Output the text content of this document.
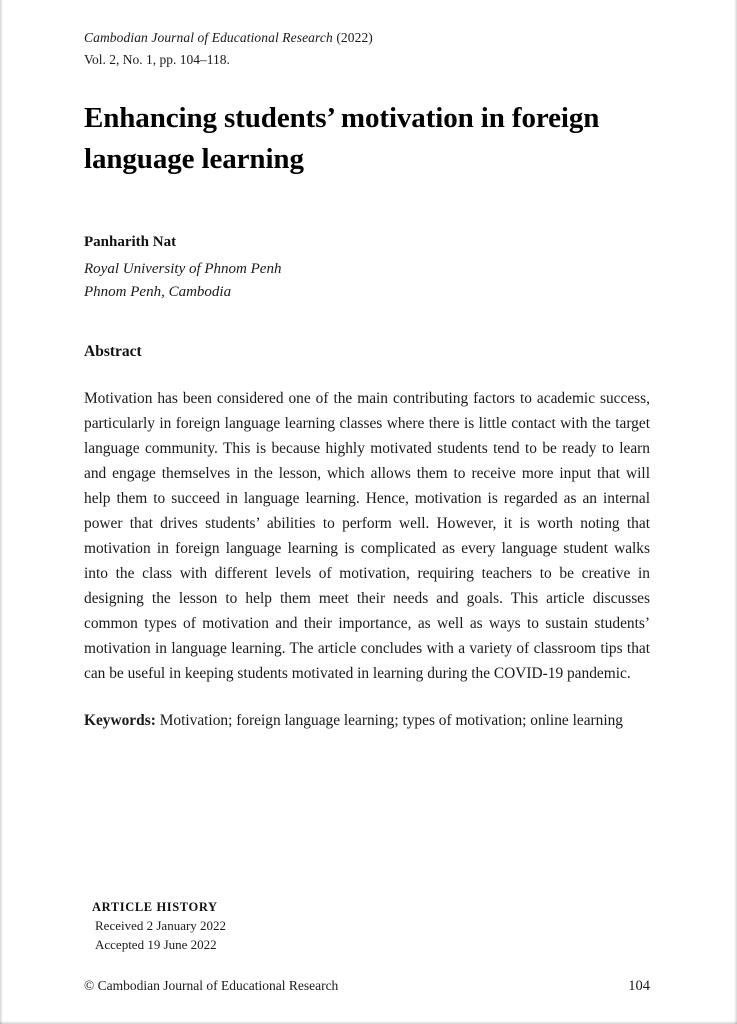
Cambodian Journal of Educational Research (2022)
Vol. 2, No. 1, pp. 104–118.
Enhancing students’ motivation in foreign language learning
Panharith Nat
Royal University of Phnom Penh
Phnom Penh, Cambodia
Abstract
Motivation has been considered one of the main contributing factors to academic success, particularly in foreign language learning classes where there is little contact with the target language community. This is because highly motivated students tend to be ready to learn and engage themselves in the lesson, which allows them to receive more input that will help them to succeed in language learning. Hence, motivation is regarded as an internal power that drives students’ abilities to perform well. However, it is worth noting that motivation in foreign language learning is complicated as every language student walks into the class with different levels of motivation, requiring teachers to be creative in designing the lesson to help them meet their needs and goals. This article discusses common types of motivation and their importance, as well as ways to sustain students’ motivation in language learning. The article concludes with a variety of classroom tips that can be useful in keeping students motivated in learning during the COVID-19 pandemic.
Keywords: Motivation; foreign language learning; types of motivation; online learning
ARTICLE HISTORY
Received 2 January 2022
Accepted 19 June 2022
© Cambodian Journal of Educational Research	104
